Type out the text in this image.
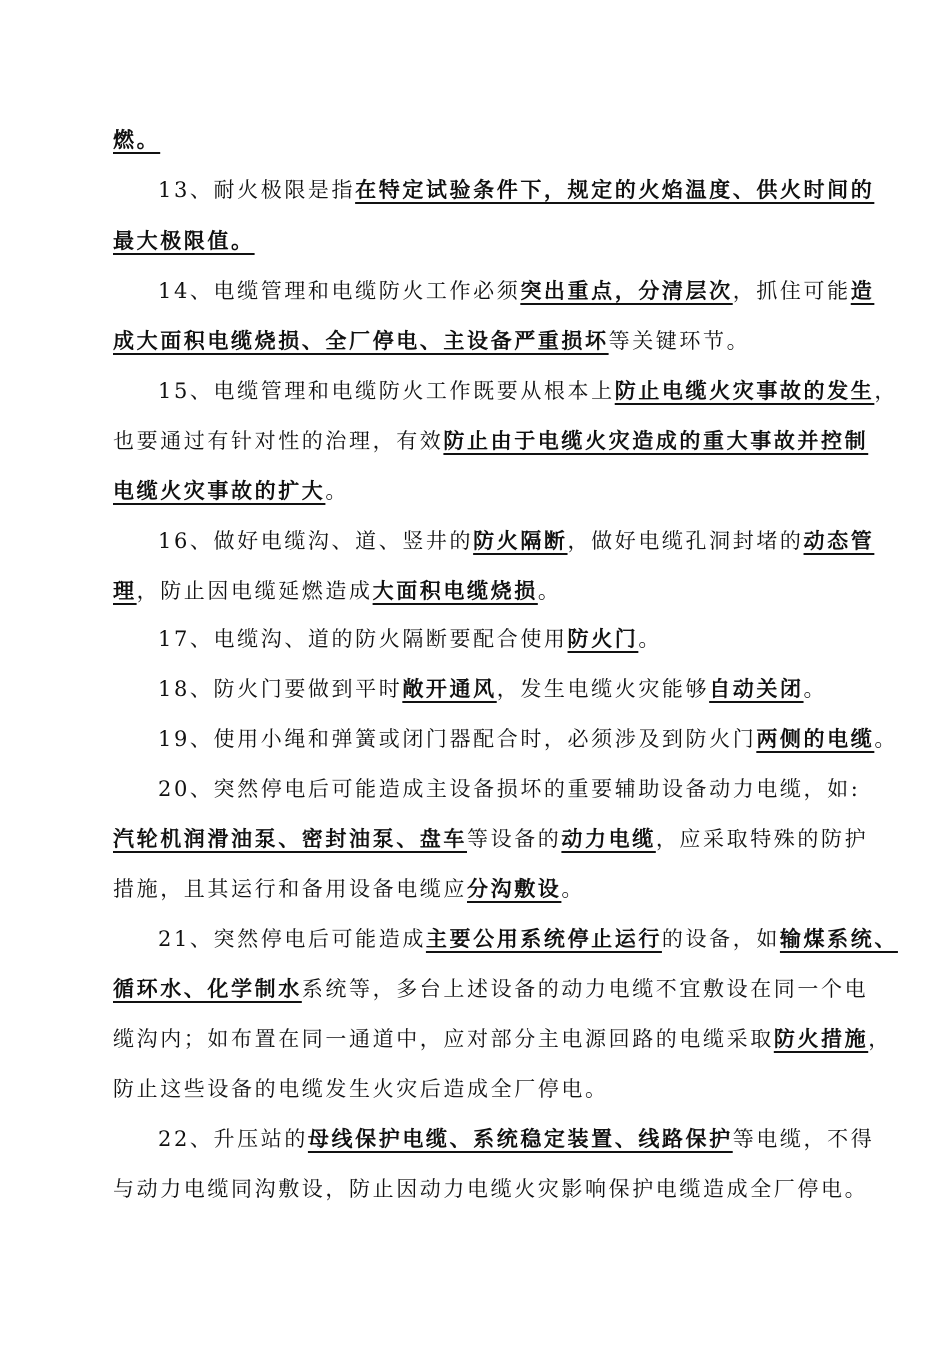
燃。
13、耐火极限是指在特定试验条件下，规定的火焰温度、供火时间的
最大极限值。
14、电缆管理和电缆防火工作必须突出重点，分清层次，抓住可能造
成大面积电缆烧损、全厂停电、主设备严重损坏等关键环节。
15、电缆管理和电缆防火工作既要从根本上防止电缆火灾事故的发生，
也要通过有针对性的治理，有效防止由于电缆火灾造成的重大事故并控制
电缆火灾事故的扩大。
16、做好电缆沟、道、竖井的防火隔断，做好电缆孔洞封堵的动态管
理，防止因电缆延燃造成大面积电缆烧损。
17、电缆沟、道的防火隔断要配合使用防火门。
18、防火门要做到平时敞开通风，发生电缆火灾能够自动关闭。
19、使用小绳和弹簧或闭门器配合时，必须涉及到防火门两侧的电缆。
20、突然停电后可能造成主设备损坏的重要辅助设备动力电缆，如:
汽轮机润滑油泵、密封油泵、盘车等设备的动力电缆，应采取特殊的防护
措施，且其运行和备用设备电缆应分沟敷设。
21、突然停电后可能造成主要公用系统停止运行的设备，如输煤系统、
循环水、化学制水系统等，多台上述设备的动力电缆不宜敷设在同一个电
缆沟内；如布置在同一通道中，应对部分主电源回路的电缆采取防火措施，
防止这些设备的电缆发生火灾后造成全厂停电。
22、升压站的母线保护电缆、系统稳定装置、线路保护等电缆，不得
与动力电缆同沟敷设，防止因动力电缆火灾影响保护电缆造成全厂停电。
